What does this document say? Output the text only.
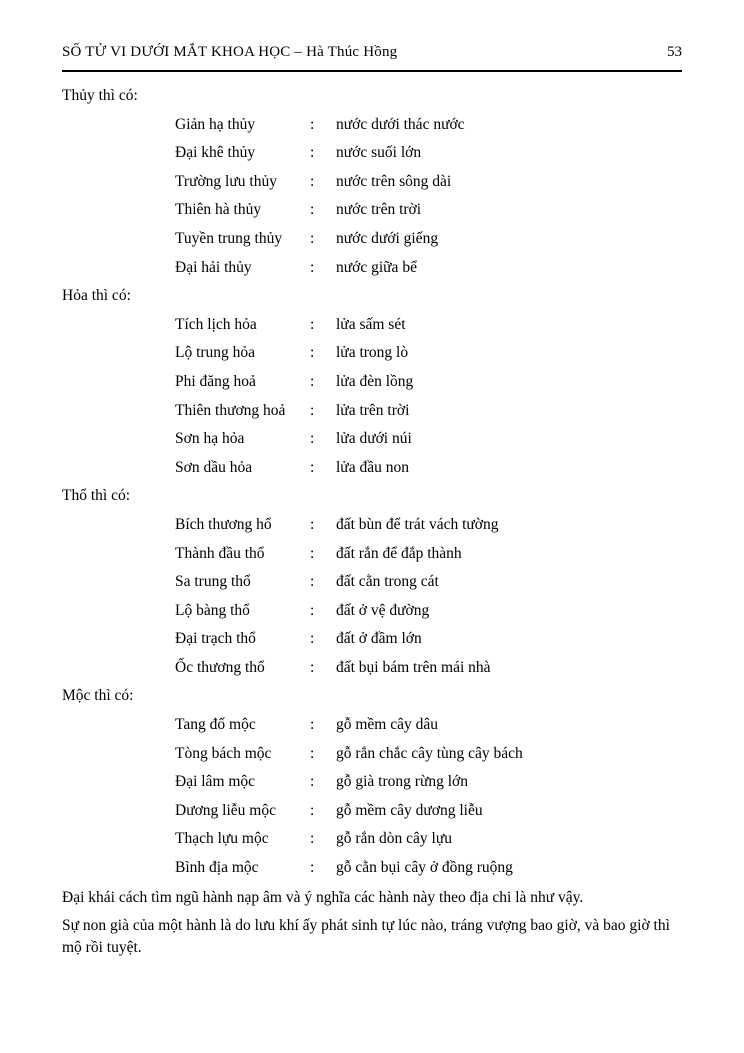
SỐ TỬ VI DƯỚI MẮT KHOA HỌC – Hà Thúc Hồng	53
Thủy thì có:
Giản hạ thủy	:	nước dưới thác nước
Đại khê thủy	:	nước suối lớn
Trường lưu thủy	:	nước trên sông dài
Thiên hà thủy	:	nước trên trời
Tuyền trung thủy	:	nước dưới giếng
Đại hải thủy	:	nước giữa bể
Hỏa thì có:
Tích lịch hỏa	:	lửa sấm sét
Lộ trung hỏa	:	lửa trong lò
Phi đăng hoả	:	lửa đèn lồng
Thiên thương hoả	:	lửa trên trời
Sơn hạ hỏa	:	lửa dưới núi
Sơn dầu hỏa	:	lửa đầu non
Thổ thì có:
Bích thương hổ	:	đất bùn để trát vách tường
Thành đầu thổ	:	đất rắn để đắp thành
Sa trung thổ	:	đất cằn trong cát
Lộ bàng thổ	:	đất ở vệ đường
Đại trạch thổ	:	đất ở đầm lớn
Ốc thương thổ	:	đất bụi bám trên mái nhà
Mộc thì có:
Tang đố mộc	:	gỗ mềm cây dâu
Tòng bách mộc	:	gỗ rắn chắc cây tùng cây bách
Đại lâm mộc	:	gỗ già trong rừng lớn
Dương liễu mộc	:	gỗ mềm cây dương liễu
Thạch lựu mộc	:	gỗ rắn dòn cây lựu
Bình địa mộc	:	gỗ cằn bụi cây ở đồng ruộng

Đại khái cách tìm ngũ hành nạp âm và ý nghĩa các hành này theo địa chi là như vậy.

Sự non già của một hành là do lưu khí ấy phát sinh tự lúc nào, tráng vượng bao giờ, và bao giờ thì mộ rồi tuyệt.
